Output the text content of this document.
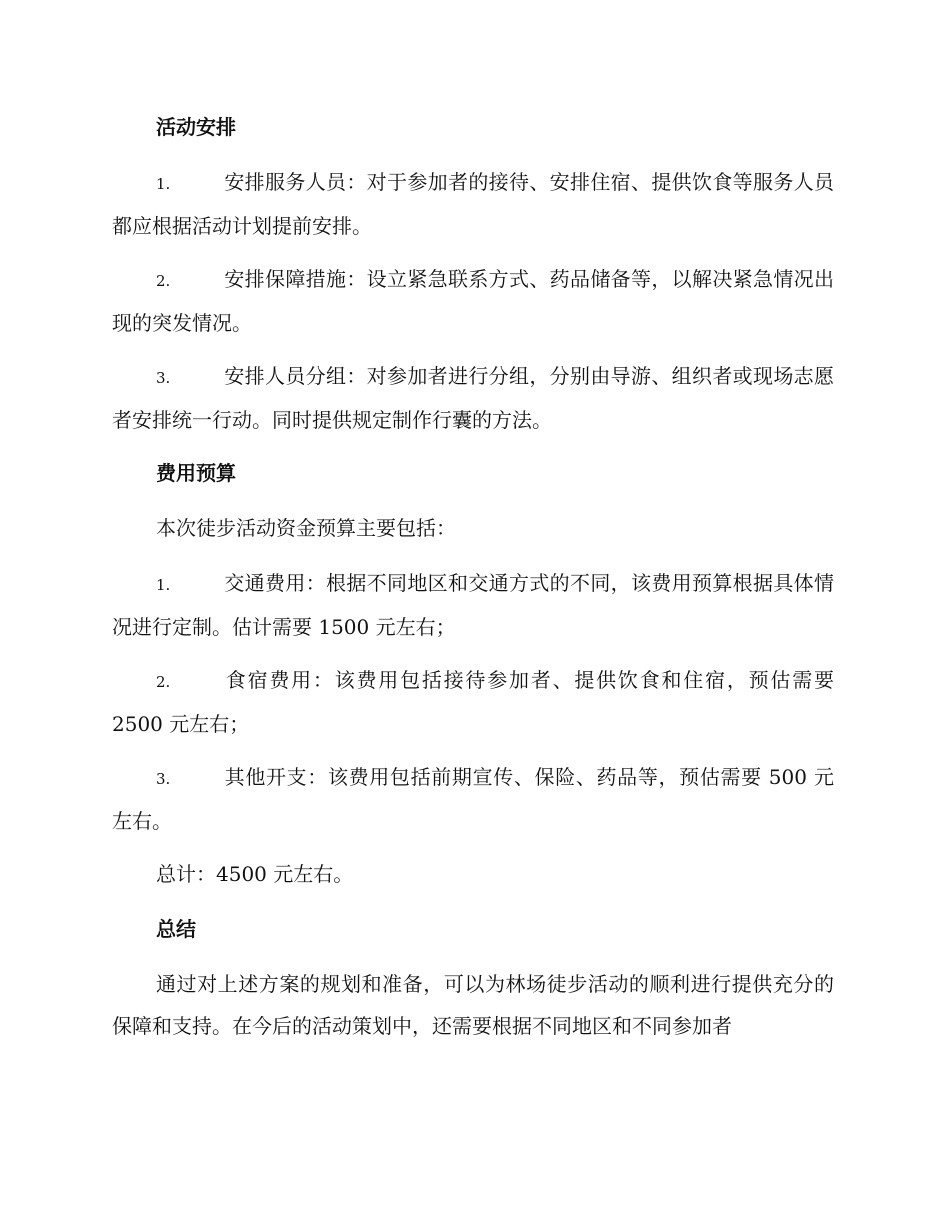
活动安排
1.	安排服务人员：对于参加者的接待、安排住宿、提供饮食等服务人员都应根据活动计划提前安排。
2.	安排保障措施：设立紧急联系方式、药品储备等，以解决紧急情况出现的突发情况。
3.	安排人员分组：对参加者进行分组，分别由导游、组织者或现场志愿者安排统一行动。同时提供规定制作行囊的方法。
费用预算
本次徒步活动资金预算主要包括：
1.	交通费用：根据不同地区和交通方式的不同，该费用预算根据具体情况进行定制。估计需要 1500 元左右；
2.	食宿费用：该费用包括接待参加者、提供饮食和住宿，预估需要 2500 元左右；
3.	其他开支：该费用包括前期宣传、保险、药品等，预估需要 500 元左右。
总计：4500 元左右。
总结
通过对上述方案的规划和准备，可以为林场徒步活动的顺利进行提供充分的保障和支持。在今后的活动策划中，还需要根据不同地区和不同参加者
